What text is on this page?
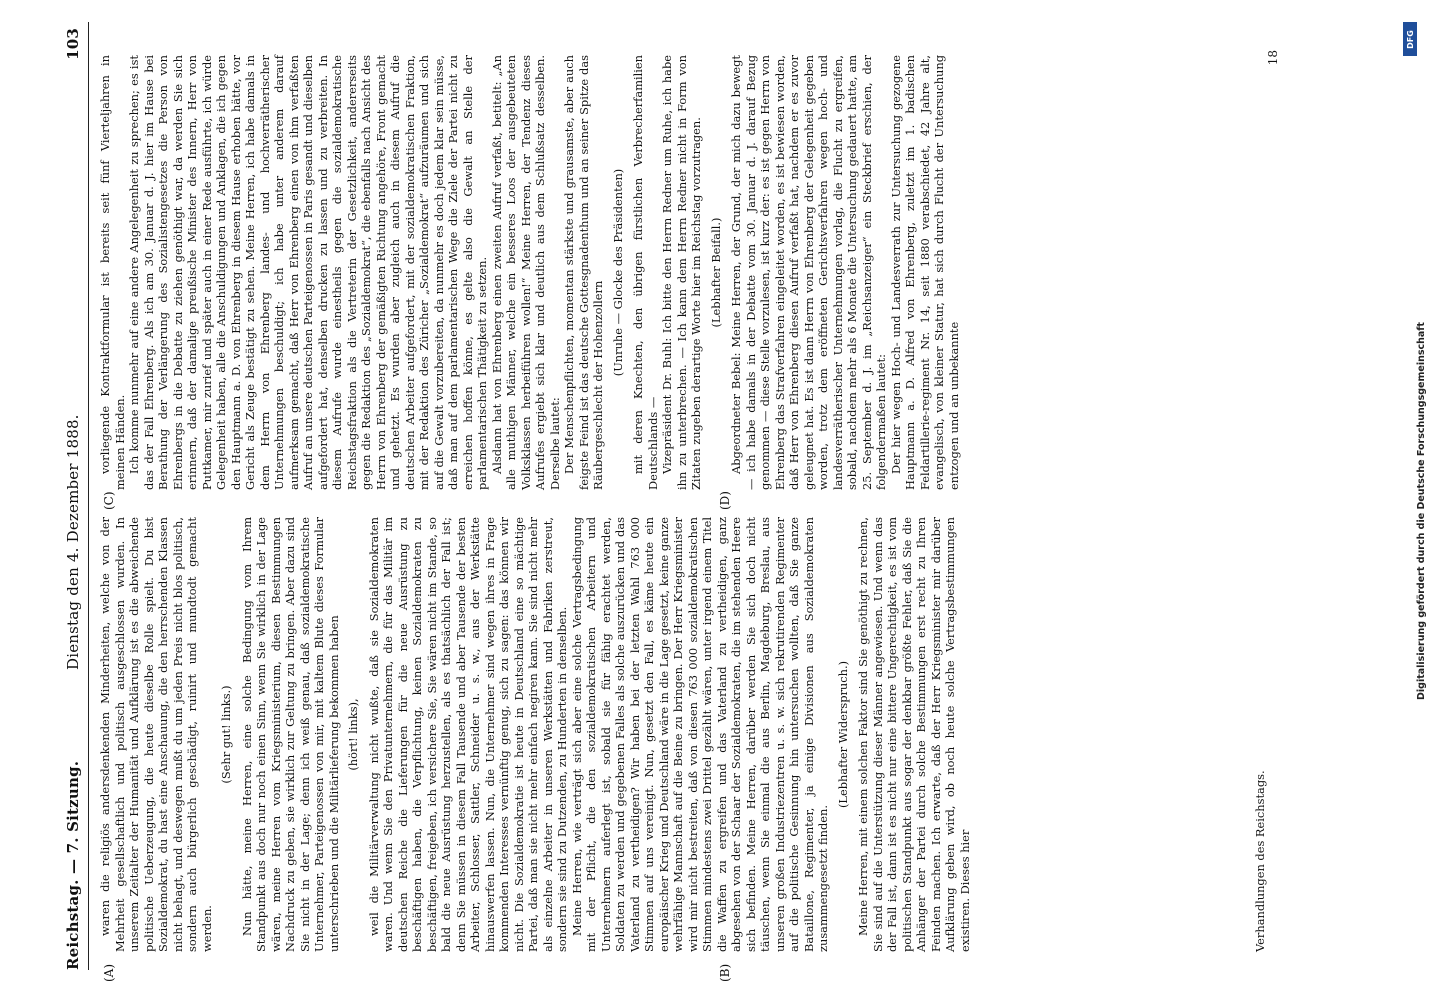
Reichstag. — 7. Sitzung.
Dienstag den 4. Dezember 1888.
103
(A)	(B)
(C)	(D)

waren die religiös andersdenkenden Minderheiten, welche von der Mehrheit gesellschaftlich und politisch ausgeschlossen wurden. In unserem Zeitalter der Humanität und Aufklärung ist es die abweichende politische Ueberzeugung, die heute dieselbe Rolle spielt. Du bist Sozialdemokrat, du hast eine Anschauung, die den herrschenden Klassen nicht behagt, und deswegen mußt du um jeden Preis nicht blos politisch, sondern auch bürgerlich geschädigt, ruinirt und mundtodt gemacht werden.

(Sehr gut! links.) Nun hätte, meine Herren, eine solche Bedingung vom Ihrem Standpunkt aus doch nur noch einen Sinn, wenn Sie wirklich in der Lage wären, meine Herren vom Kriegsministerium, diesen Bestimmungen Nachdruck zu geben, sie wirklich zur Geltung zu bringen. Aber dazu sind Sie nicht in der Lage; denn ich weiß genau, daß sozialdemokratische Unternehmer, Parteigenossen von mir, mit kaltem Blute dieses Formular unterschrieben und die Militärlieferung bekommen haben (hört! links), weil die Militärverwaltung nicht wußte, daß sie Sozialdemokraten waren. Und wenn Sie den Privatunternehmern, die für das Militär im deutschen Reiche die Lieferungen für die neue Ausrüstung zu beschäftigen haben, die Verpflichtung, keinen Sozialdemokraten zu beschäftigen, freigeben, ich versichere Sie, Sie wären nicht im Stande, so bald die neue Ausrüstung herzustellen, als es thatsächlich der Fall ist; denn Sie müssen in diesem Fall Tausende und aber Tausende der besten Arbeiter, Schlosser, Sattler, Schneider u. s. w., aus der Werkstätte hinauswerfen lassen. Nun, die Unternehmer sind wegen ihres in Frage kommenden Interesses vernünftig genug, sich zu sagen: das können wir nicht. Die Sozialdemokratie ist heute in Deutschland eine so mächtige Partei, daß man sie nicht mehr einfach negiren kann. Sie sind nicht mehr als einzelne Arbeiter in unseren Werkstätten und Fabriken zerstreut, sondern sie sind zu Dutzenden, zu Hunderten in denselben. Meine Herren, wie verträgt sich aber eine solche Vertragsbedingung mit der Pflicht, die den sozialdemokratischen Arbeitern und Unternehmern auferlegt ist, sobald sie für fähig erachtet werden, Soldaten zu werden und gegebenen Falles als solche auszurücken und das Vaterland zu vertheidigen? Wir haben bei der letzten Wahl 763 000 Stimmen auf uns vereinigt. Nun, gesetzt den Fall, es käme heute ein europäischer Krieg und Deutschland wäre in die Lage gesetzt, keine ganze wehrfähige Mannschaft auf die Beine zu bringen. Der Herr Kriegsminister wird mir nicht bestreiten, daß von diesen 763 000 sozialdemokratischen Stimmen mindestens zwei Drittel gezählt wären, unter irgend einem Titel die Waffen zu ergreifen und das Vaterland zu vertheidigen, ganz abgesehen von der Schaar der Sozialdemokraten, die im stehenden Heere sich befinden. Meine Herren, darüber werden Sie sich doch nicht täuschen, wenn Sie einmal die aus Berlin, Magdeburg, Breslau, aus unseren großen Industriezentren u. s. w. sich rekrutirenden Regimenter auf die politische Gesinnung hin untersuchen wollten, daß Sie ganze Bataillone, Regimenter, ja einige Divisionen aus Sozialdemokraten zusammengesetzt finden.

(Lebhafter Widerspruch.) Meine Herren, mit einem solchen Faktor sind Sie genöthigt zu rechnen, Sie sind auf die Unterstützung dieser Männer angewiesen. Und wenn das der Fall ist, dann ist es nicht nur eine bittere Ungerechtigkeit, es ist vom politischen Standpunkt aus sogar der denkbar größte Fehler, daß Sie die Anhänger der Partei durch solche Bestimmungen erst recht zu Ihren Feinden machen. Ich erwarte, daß der Herr Kriegsminister mir darüber Aufklärung geben wird, ob noch heute solche Vertragsbestimmungen existiren. Dieses hier

vorliegende Kontraktformular ist bereits seit fünf Vierteljahren in meinen Händen. Ich komme nunmehr auf eine andere Angelegenheit zu sprechen; es ist das der Fall Ehrenberg. Als ich am 30. Januar d. J. hier im Hause bei Berathung der Verlängerung des Sozialistengesetzes die Person von Ehrenbergs in die Debatte zu ziehen genöthigt war, da werden Sie sich erinnern, daß der damalige preußische Minister des Innern, Herr von Puttkamer, mir zurief und später auch in einer Rede ausführte, ich würde Gelegenheit haben, alle die Anschuldigungen und Anklagen, die ich gegen den Hauptmann a. D. von Ehrenberg in diesem Hause erhoben hätte, vor Gericht als Zeuge bestätigt zu sehen. Meine Herren, ich habe damals in dem Herrn von Ehrenberg landes- und hochverrätherischer Unternehmungen beschuldigt; ich habe unter anderem darauf aufmerksam gemacht, daß Herr von Ehrenberg einen von ihm verfaßten Aufruf an unsere deutschen Parteigenossen in Paris gesandt und dieselben aufgefordert hat, denselben drucken zu lassen und zu verbreiten. In diesem Aufrufe wurde einestheils gegen die sozialdemokratische Reichstagsfraktion als die Vertreterin der Gesetzlichkeit, andererseits gegen die Redaktion des „Sozialdemokrat“, die ebenfalls nach Ansicht des Herrn von Ehrenberg der gemäßigten Richtung angehöre, Front gemacht und gehetzt. Es wurden aber zugleich auch in diesem Aufruf die deutschen Arbeiter aufgefordert, mit der sozialdemokratischen Fraktion, mit der Redaktion des Züricher „Sozialdemokrat“ aufzuräumen und sich auf die Gewalt vorzubereiten, da nunmehr es doch jedem klar sein müsse, daß man auf dem parlamentarischen Wege die Ziele der Partei nicht zu erreichen hoffen könne, es gelte also die Gewalt an Stelle der parlamentarischen Thätigkeit zu setzen. Alsdann hat von Ehrenberg einen zweiten Aufruf verfaßt, betitelt: „An alle muthigen Männer, welche ein besseres Loos der ausgebeuteten Volksklassen herbeiführen wollen!“ Meine Herren, der Tendenz dieses Aufrufes ergiebt sich klar und deutlich aus dem Schlußsatz desselben. Derselbe lautet: Der Menschenpflichten, momentan stärkste und grausamste, aber auch feigste Feind ist das deutsche Gottesgnadenthum und an seiner Spitze das Räubergeschlecht der Hohenzollern

(Unruhe — Glocke des Präsidenten) mit deren Knechten, den übrigen fürstlichen Verbrecherfamilien Deutschlands — Vizepräsident Dr. Buhl: Ich bitte den Herrn Redner um Ruhe, ich habe ihn zu unterbrechen. — Ich kann dem Herrn Redner nicht in Form von Zitaten zugeben derartige Worte hier im Reichstag vorzutragen. (Lebhafter Beifall.) Abgeordneter Bebel: Meine Herren, der Grund, der mich dazu bewegt — ich habe damals in der Debatte vom 30. Januar d. J. darauf Bezug genommen — diese Stelle vorzulesen, ist kurz der: es ist gegen Herrn von Ehrenberg das Strafverfahren eingeleitet worden, es ist bewiesen worden, daß Herr von Ehrenberg diesen Aufruf verfaßt hat, nachdem er es zuvor geleugnet hat. Es ist dann Herrn von Ehrenberg der Gelegenheit gegeben worden, trotz dem eröffneten Gerichtsverfahren wegen hoch- und landesverrätherischer Unternehmungen vorlag, die Flucht zu ergreifen, sobald, nachdem mehr als 6 Monate die Untersuchung gedauert hatte, am 25. September d. J. im „Reichsanzeiger“ ein Steckbrief erschien, der folgendermaßen lautet: Der hier wegen Hoch- und Landesverrath zur Untersuchung gezogene Hauptmann a. D. Alfred von Ehrenberg, zuletzt im 1. badischen Feldartillerie-regiment Nr. 14, seit 1880 verabschiedet, 42 Jahre alt, evangelisch, von kleiner Statur, hat sich durch Flucht der Untersuchung entzogen und an unbekannte

Verhandlungen des Reichstags.
18
Digitalisierung gefördert durch die Deutsche Forschungsgemeinschaft
DFG
